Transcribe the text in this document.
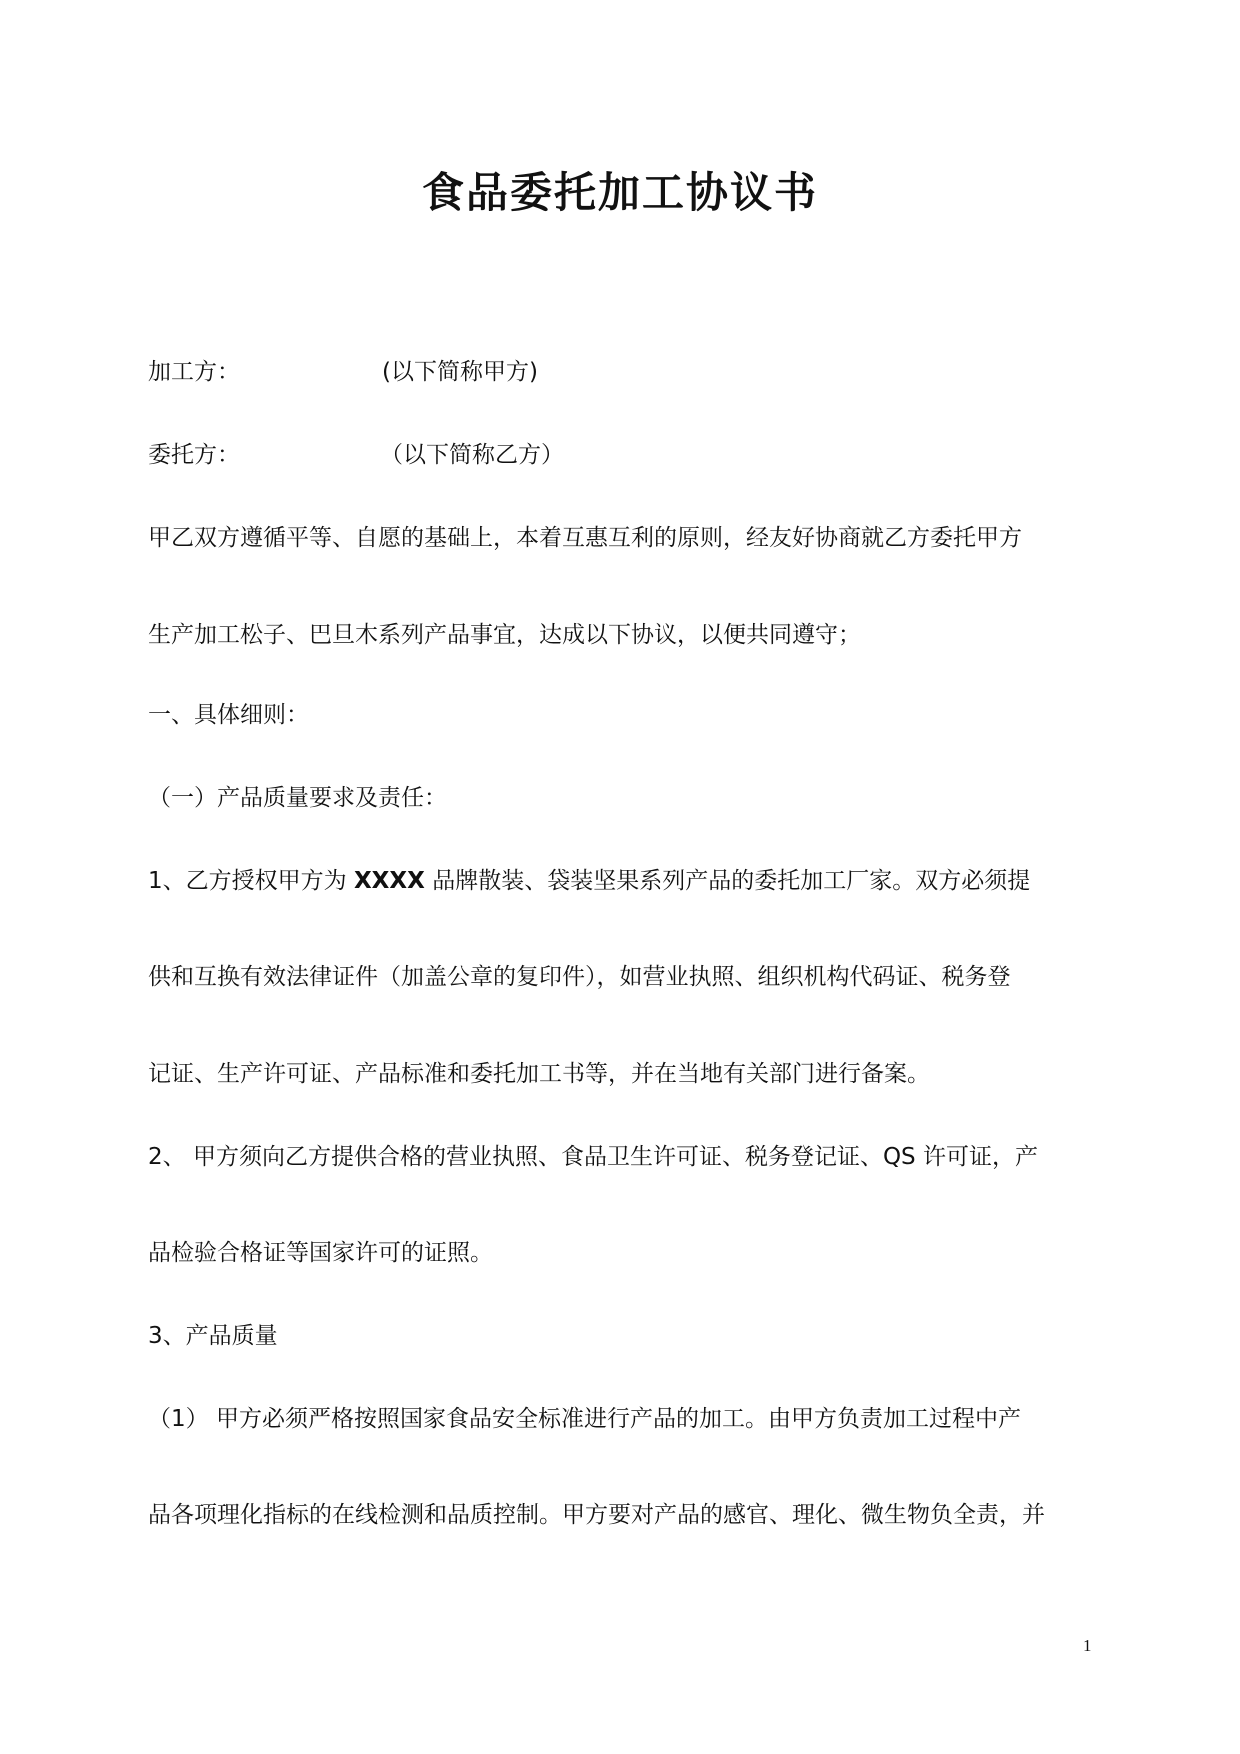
食品委托加工协议书
加工方：	(以下简称甲方)
委托方：	（以下简称乙方）
甲乙双方遵循平等、自愿的基础上，本着互惠互利的原则，经友好协商就乙方委托甲方
生产加工松子、巴旦木系列产品事宜，达成以下协议，以便共同遵守；
一、具体细则：
（一）产品质量要求及责任：
1、乙方授权甲方为 XXXX 品牌散装、袋装坚果系列产品的委托加工厂家。双方必须提
供和互换有效法律证件（加盖公章的复印件），如营业执照、组织机构代码证、税务登
记证、生产许可证、产品标准和委托加工书等，并在当地有关部门进行备案。
2、 甲方须向乙方提供合格的营业执照、食品卫生许可证、税务登记证、QS 许可证，产
品检验合格证等国家许可的证照。
3、产品质量
（1） 甲方必须严格按照国家食品安全标准进行产品的加工。由甲方负责加工过程中产
品各项理化指标的在线检测和品质控制。甲方要对产品的感官、理化、微生物负全责，并
1
